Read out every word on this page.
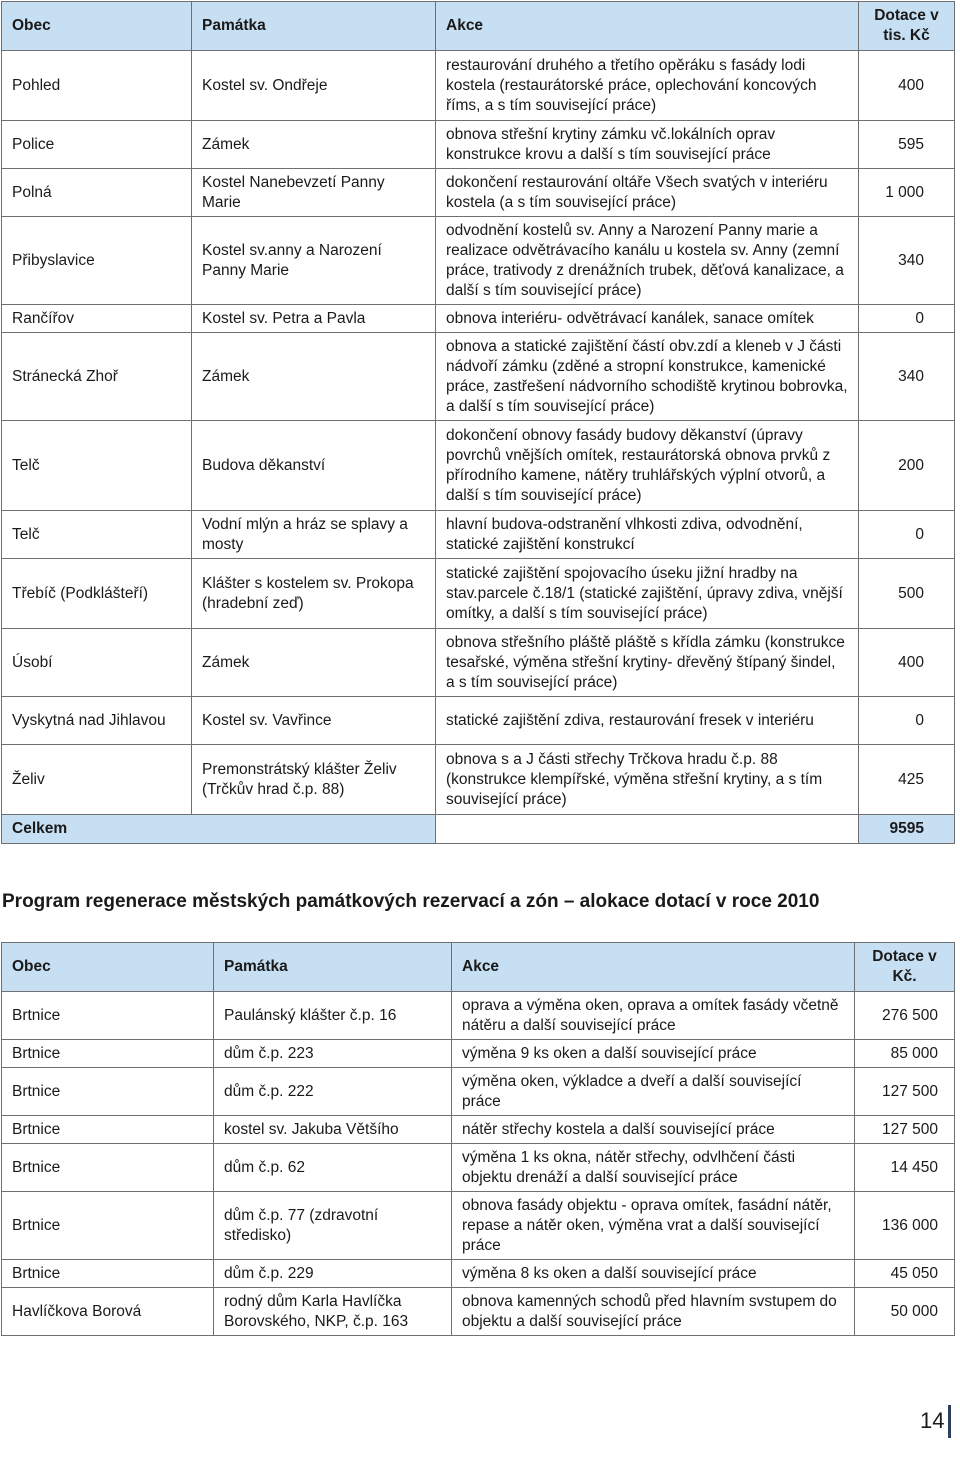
Obec	Památka	Akce	Dotace v tis. Kč
Pohled	Kostel sv. Ondřeje	restaurování druhého a třetího opěráku s fasády lodi kostela (restaurátorské práce, oplechování koncových říms, a s tím související práce)	400
Police	Zámek	obnova střešní krytiny zámku vč.lokálních oprav konstrukce krovu a další s tím související práce	595
Polná	Kostel Nanebevzetí Panny Marie	dokončení restaurování oltáře Všech svatých v interiéru kostela (a s tím související práce)	1 000
Přibyslavice	Kostel sv.anny a Narození Panny Marie	odvodnění kostelů sv. Anny a Narození Panny marie a realizace odvětrávacího kanálu u kostela sv. Anny (zemní práce, trativody z drenážních trubek, děťová kanalizace, a další s tím související práce)	340
Rančířov	Kostel sv. Petra a Pavla	obnova interiéru- odvětrávací kanálek, sanace omítek	0
Stránecká Zhoř	Zámek	obnova a statické zajištění částí obv.zdí a kleneb v J části nádvoří zámku (zděné a stropní konstrukce, kamenické práce, zastřešení nádvorního schodiště krytinou bobrovka, a další s tím související práce)	340
Telč	Budova děkanství	dokončení obnovy fasády budovy děkanství (úpravy povrchů vnějších omítek, restaurátorská obnova prvků z přírodního kamene, nátěry truhlářských výplní otvorů, a další s tím související práce)	200
Telč	Vodní mlýn a hráz se splavy a mosty	hlavní budova-odstranění vlhkosti zdiva, odvodnění, statické zajištění konstrukcí	0
Třebíč (Podklášteří)	Klášter s kostelem sv. Prokopa (hradební zeď)	statické zajištění spojovacího úseku jižní hradby na stav.parcele č.18/1 (statické zajištění, úpravy zdiva, vnější omítky, a další s tím související práce)	500
Úsobí	Zámek	obnova střešního pláště pláště s křídla zámku (konstrukce tesařské, výměna střešní krytiny- dřevěný štípaný šindel, a s tím související práce)	400
Vyskytná nad Jihlavou	Kostel sv. Vavřince	statické zajištění zdiva, restaurování fresek v interiéru	0
Želiv	Premonstrátský klášter Želiv (Trčkův hrad č.p. 88)	obnova s a J části střechy Trčkova hradu č.p. 88 (konstrukce klempířské, výměna střešní krytiny, a s tím související práce)	425
Celkem			9595
Program regenerace městských památkových rezervací a zón – alokace dotací v roce 2010
Obec	Památka	Akce	Dotace v Kč.
Brtnice	Paulánský klášter č.p. 16	oprava a výměna oken, oprava a omítek fasády včetně nátěru a další související práce	276 500
Brtnice	dům č.p. 223	výměna 9 ks oken a další související práce	85 000
Brtnice	dům č.p. 222	výměna oken, výkladce a dveří a další související práce	127 500
Brtnice	kostel sv. Jakuba Většího	nátěr střechy kostela a další související práce	127 500
Brtnice	dům č.p. 62	výměna 1 ks okna, nátěr střechy, odvlhčení části objektu drenáží a další související práce	14 450
Brtnice	dům č.p. 77 (zdravotní středisko)	obnova fasády objektu - oprava omítek, fasádní nátěr, repase a nátěr oken, výměna vrat a další související práce	136 000
Brtnice	dům č.p. 229	výměna 8 ks oken a další související práce	45 050
Havlíčkova Borová	rodný dům Karla Havlíčka Borovského, NKP, č.p. 163	obnova kamenných schodů před hlavním svstupem do objektu a další související práce	50 000
14
